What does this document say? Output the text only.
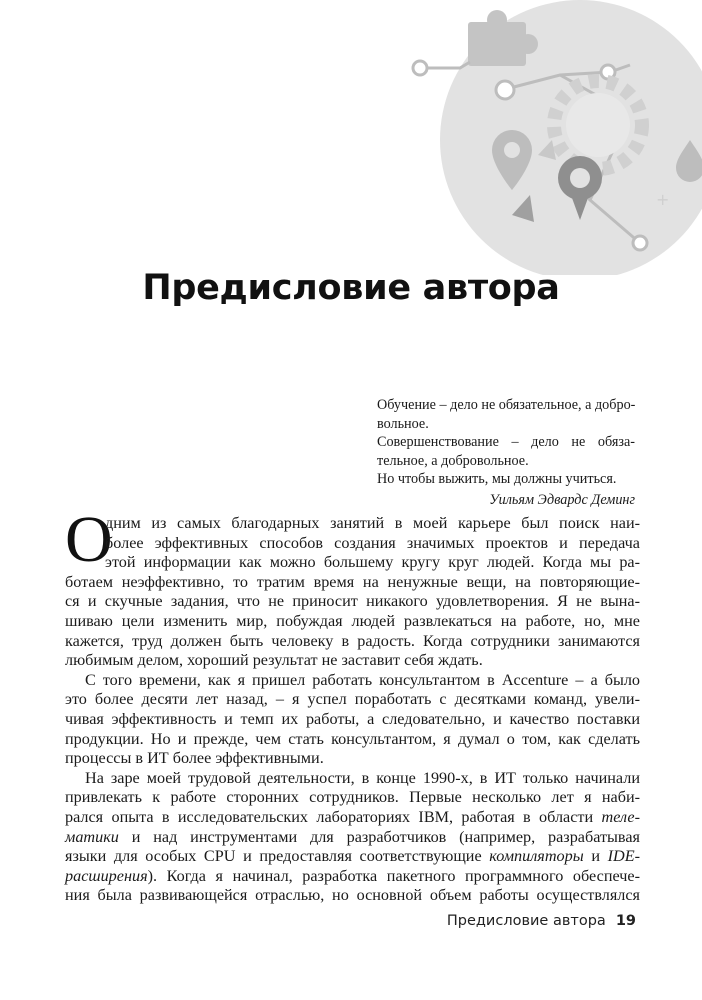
+
Предисловие автора
Обучение – дело не обязательное, а добро-
вольное.
Совершенствование – дело не обяза-
тельное, а добровольное.
Но чтобы выжить, мы должны учиться.
Уильям Эдвардс Деминг
О
дним из самых благодарных занятий в моей карьере был поиск наи-
более эффективных способов создания значимых проектов и передача
этой информации как можно большему кругу круг людей. Когда мы ра-
ботаем неэффективно, то тратим время на ненужные вещи, на повторяющие-
ся и скучные задания, что не приносит никакого удовлетворения. Я не вына-
шиваю цели изменить мир, побуждая людей развлекаться на работе, но, мне
кажется, труд должен быть человеку в радость. Когда сотрудники занимаются
любимым делом, хороший результат не заставит себя ждать.
С того времени, как я пришел работать консультантом в Accenture – а было
это более десяти лет назад, – я успел поработать с десятками команд, увели-
чивая эффективность и темп их работы, а следовательно, и качество поставки
продукции. Но и прежде, чем стать консультантом, я думал о том, как сделать
процессы в ИТ более эффективными.
На заре моей трудовой деятельности, в конце 1990-х, в ИТ только начинали
привлекать к работе сторонних сотрудников. Первые несколько лет я наби-
рался опыта в исследовательских лабораториях IBM, работая в области теле-
матики и над инструментами для разработчиков (например, разрабатывая
языки для особых CPU и предоставляя соответствующие компиляторы и IDE-
расширения). Когда я начинал, разработка пакетного программного обеспече-
ния была развивающейся отраслью, но основной объем работы осуществлялся
Предисловие автора 19
